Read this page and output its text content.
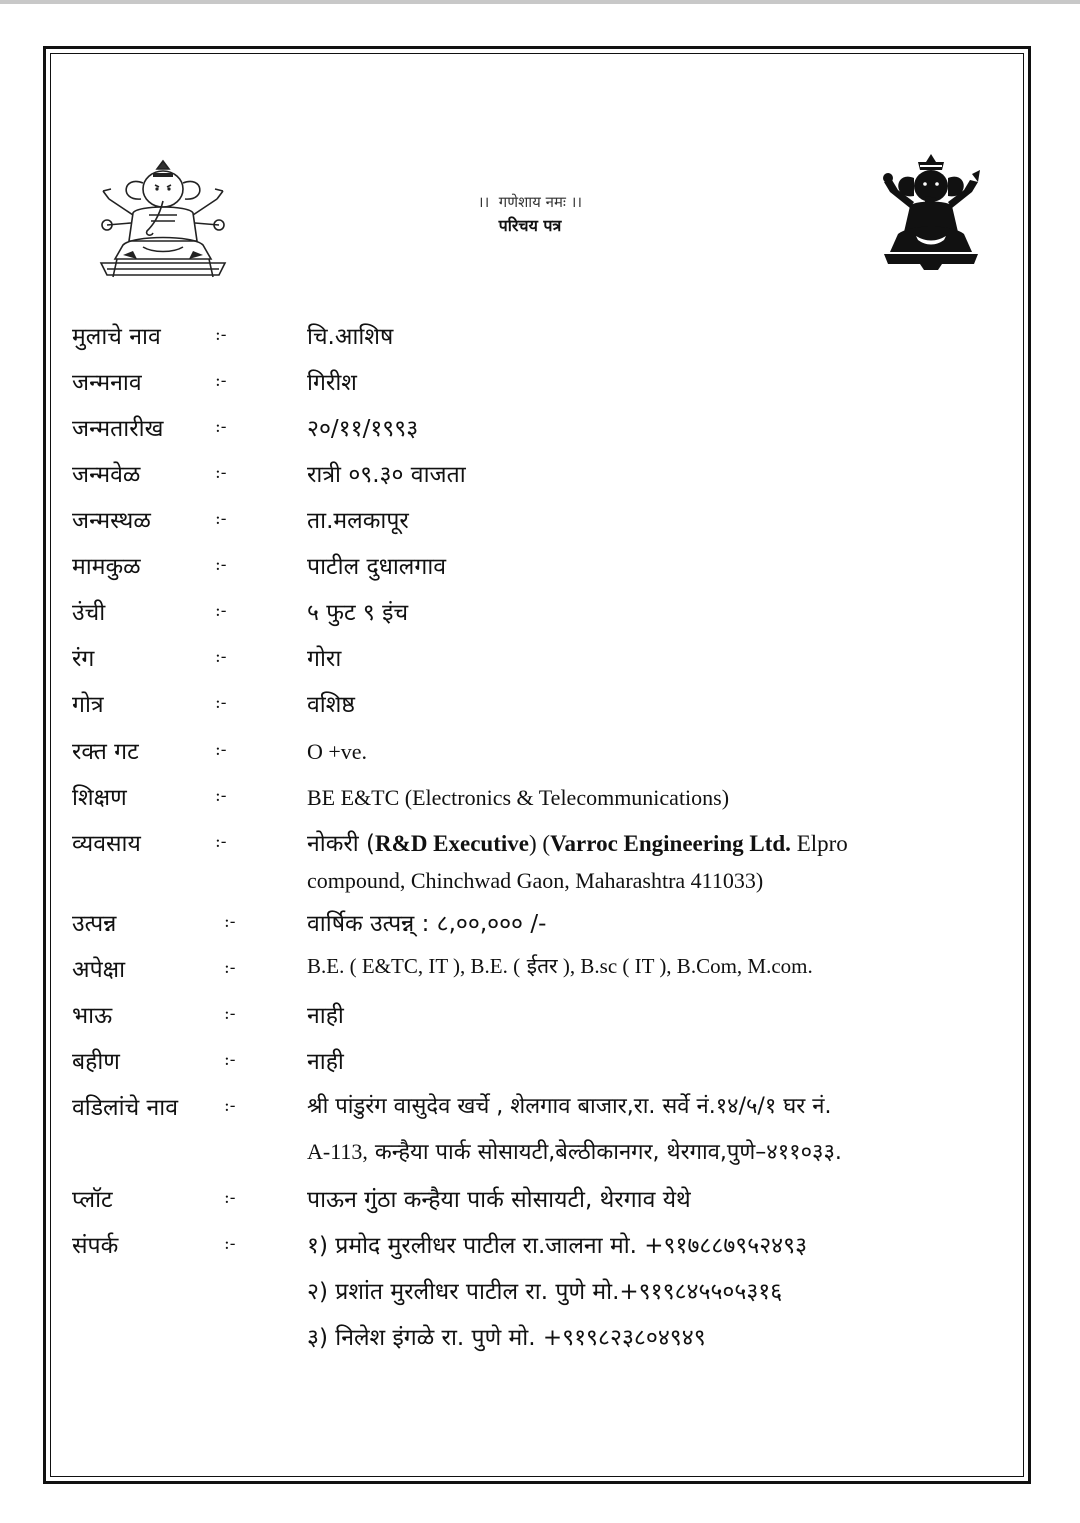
।।  गणेशाय नमः ।।
परिचय पत्र
मुलाचे नाव	:-	चि.आशिष
जन्मनाव	:-	गिरीश
जन्मतारीख	:-	२०/११/१९९३
जन्मवेळ	:-	रात्री ०९.३० वाजता
जन्मस्थळ	:-	ता.मलकापूर
मामकुळ	:-	पाटील दुधालगाव
उंची	:-	५ फुट ९ इंच
रंग	:-	गोरा
गोत्र	:-	वशिष्ठ
रक्त गट	:-	O +ve.
शिक्षण	:-	BE E&TC (Electronics & Telecommunications)
व्यवसाय	:-	नोकरी (R&D Executive) (Varroc Engineering Ltd. Elpro
compound, Chinchwad Gaon, Maharashtra 411033)
उत्पन्न	:-	वार्षिक उत्पन्न् : ८,००,००० /-
अपेक्षा	:-	B.E. ( E&TC, IT ), B.E. ( ईतर ), B.sc ( IT ), B.Com, M.com.
भाऊ	:-	नाही
बहीण	:-	नाही
वडिलांचे नाव	:-	श्री पांडुरंग वासुदेव खर्चे , शेलगाव बाजार,रा. सर्वे नं.१४/५/१ घर नं.
A-113, कन्हैया पार्क सोसायटी,बेल्ठीकानगर, थेरगाव,पुणे–४११०३३.
प्लॉट	:-	पाऊन गुंठा कन्हैया पार्क सोसायटी, थेरगाव येथे
संपर्क	:-	१) प्रमोद मुरलीधर पाटील रा.जालना मो. +९१७८८७९५२४९३
२) प्रशांत मुरलीधर पाटील रा. पुणे मो.+९१९८४५५०५३१६
३) निलेश इंगळे रा. पुणे मो. +९१९८२३८०४९४९
